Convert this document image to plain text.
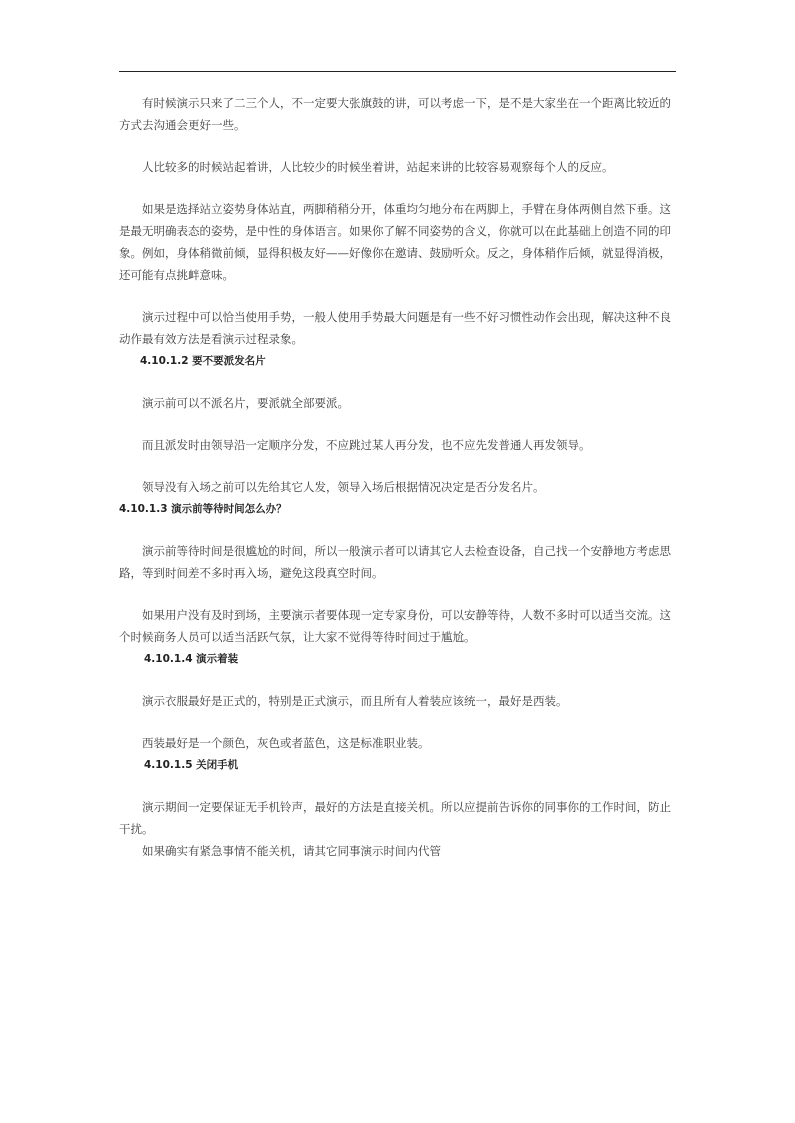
有时候演示只来了二三个人，不一定要大张旗鼓的讲，可以考虑一下，是不是大家坐在一个距离比较近的方式去沟通会更好一些。

人比较多的时候站起着讲，人比较少的时候坐着讲，站起来讲的比较容易观察每个人的反应。

如果是选择站立姿势身体站直，两脚稍稍分开，体重均匀地分布在两脚上，手臂在身体两侧自然下垂。这是最无明确表态的姿势，是中性的身体语言。如果你了解不同姿势的含义，你就可以在此基础上创造不同的印象。例如，身体稍微前倾，显得积极友好——好像你在邀请、鼓励听众。反之，身体稍作后倾，就显得消极，还可能有点挑衅意味。

演示过程中可以恰当使用手势，一般人使用手势最大问题是有一些不好习惯性动作会出现，解决这种不良动作最有效方法是看演示过程录象。

4.10.1.2 要不要派发名片

演示前可以不派名片，要派就全部要派。

而且派发时由领导沿一定顺序分发，不应跳过某人再分发，也不应先发普通人再发领导。

领导没有入场之前可以先给其它人发，领导入场后根据情况决定是否分发名片。

4.10.1.3 演示前等待时间怎么办？

演示前等待时间是很尴尬的时间，所以一般演示者可以请其它人去检查设备，自己找一个安静地方考虑思路，等到时间差不多时再入场，避免这段真空时间。

如果用户没有及时到场，主要演示者要体现一定专家身份，可以安静等待，人数不多时可以适当交流。这个时候商务人员可以适当活跃气氛，让大家不觉得等待时间过于尴尬。

4.10.1.4 演示着装

演示衣服最好是正式的，特别是正式演示，而且所有人着装应该统一，最好是西装。

西装最好是一个颜色，灰色或者蓝色，这是标准职业装。

4.10.1.5 关闭手机

演示期间一定要保证无手机铃声，最好的方法是直接关机。所以应提前告诉你的同事你的工作时间，防止干扰。

如果确实有紧急事情不能关机，请其它同事演示时间内代管
